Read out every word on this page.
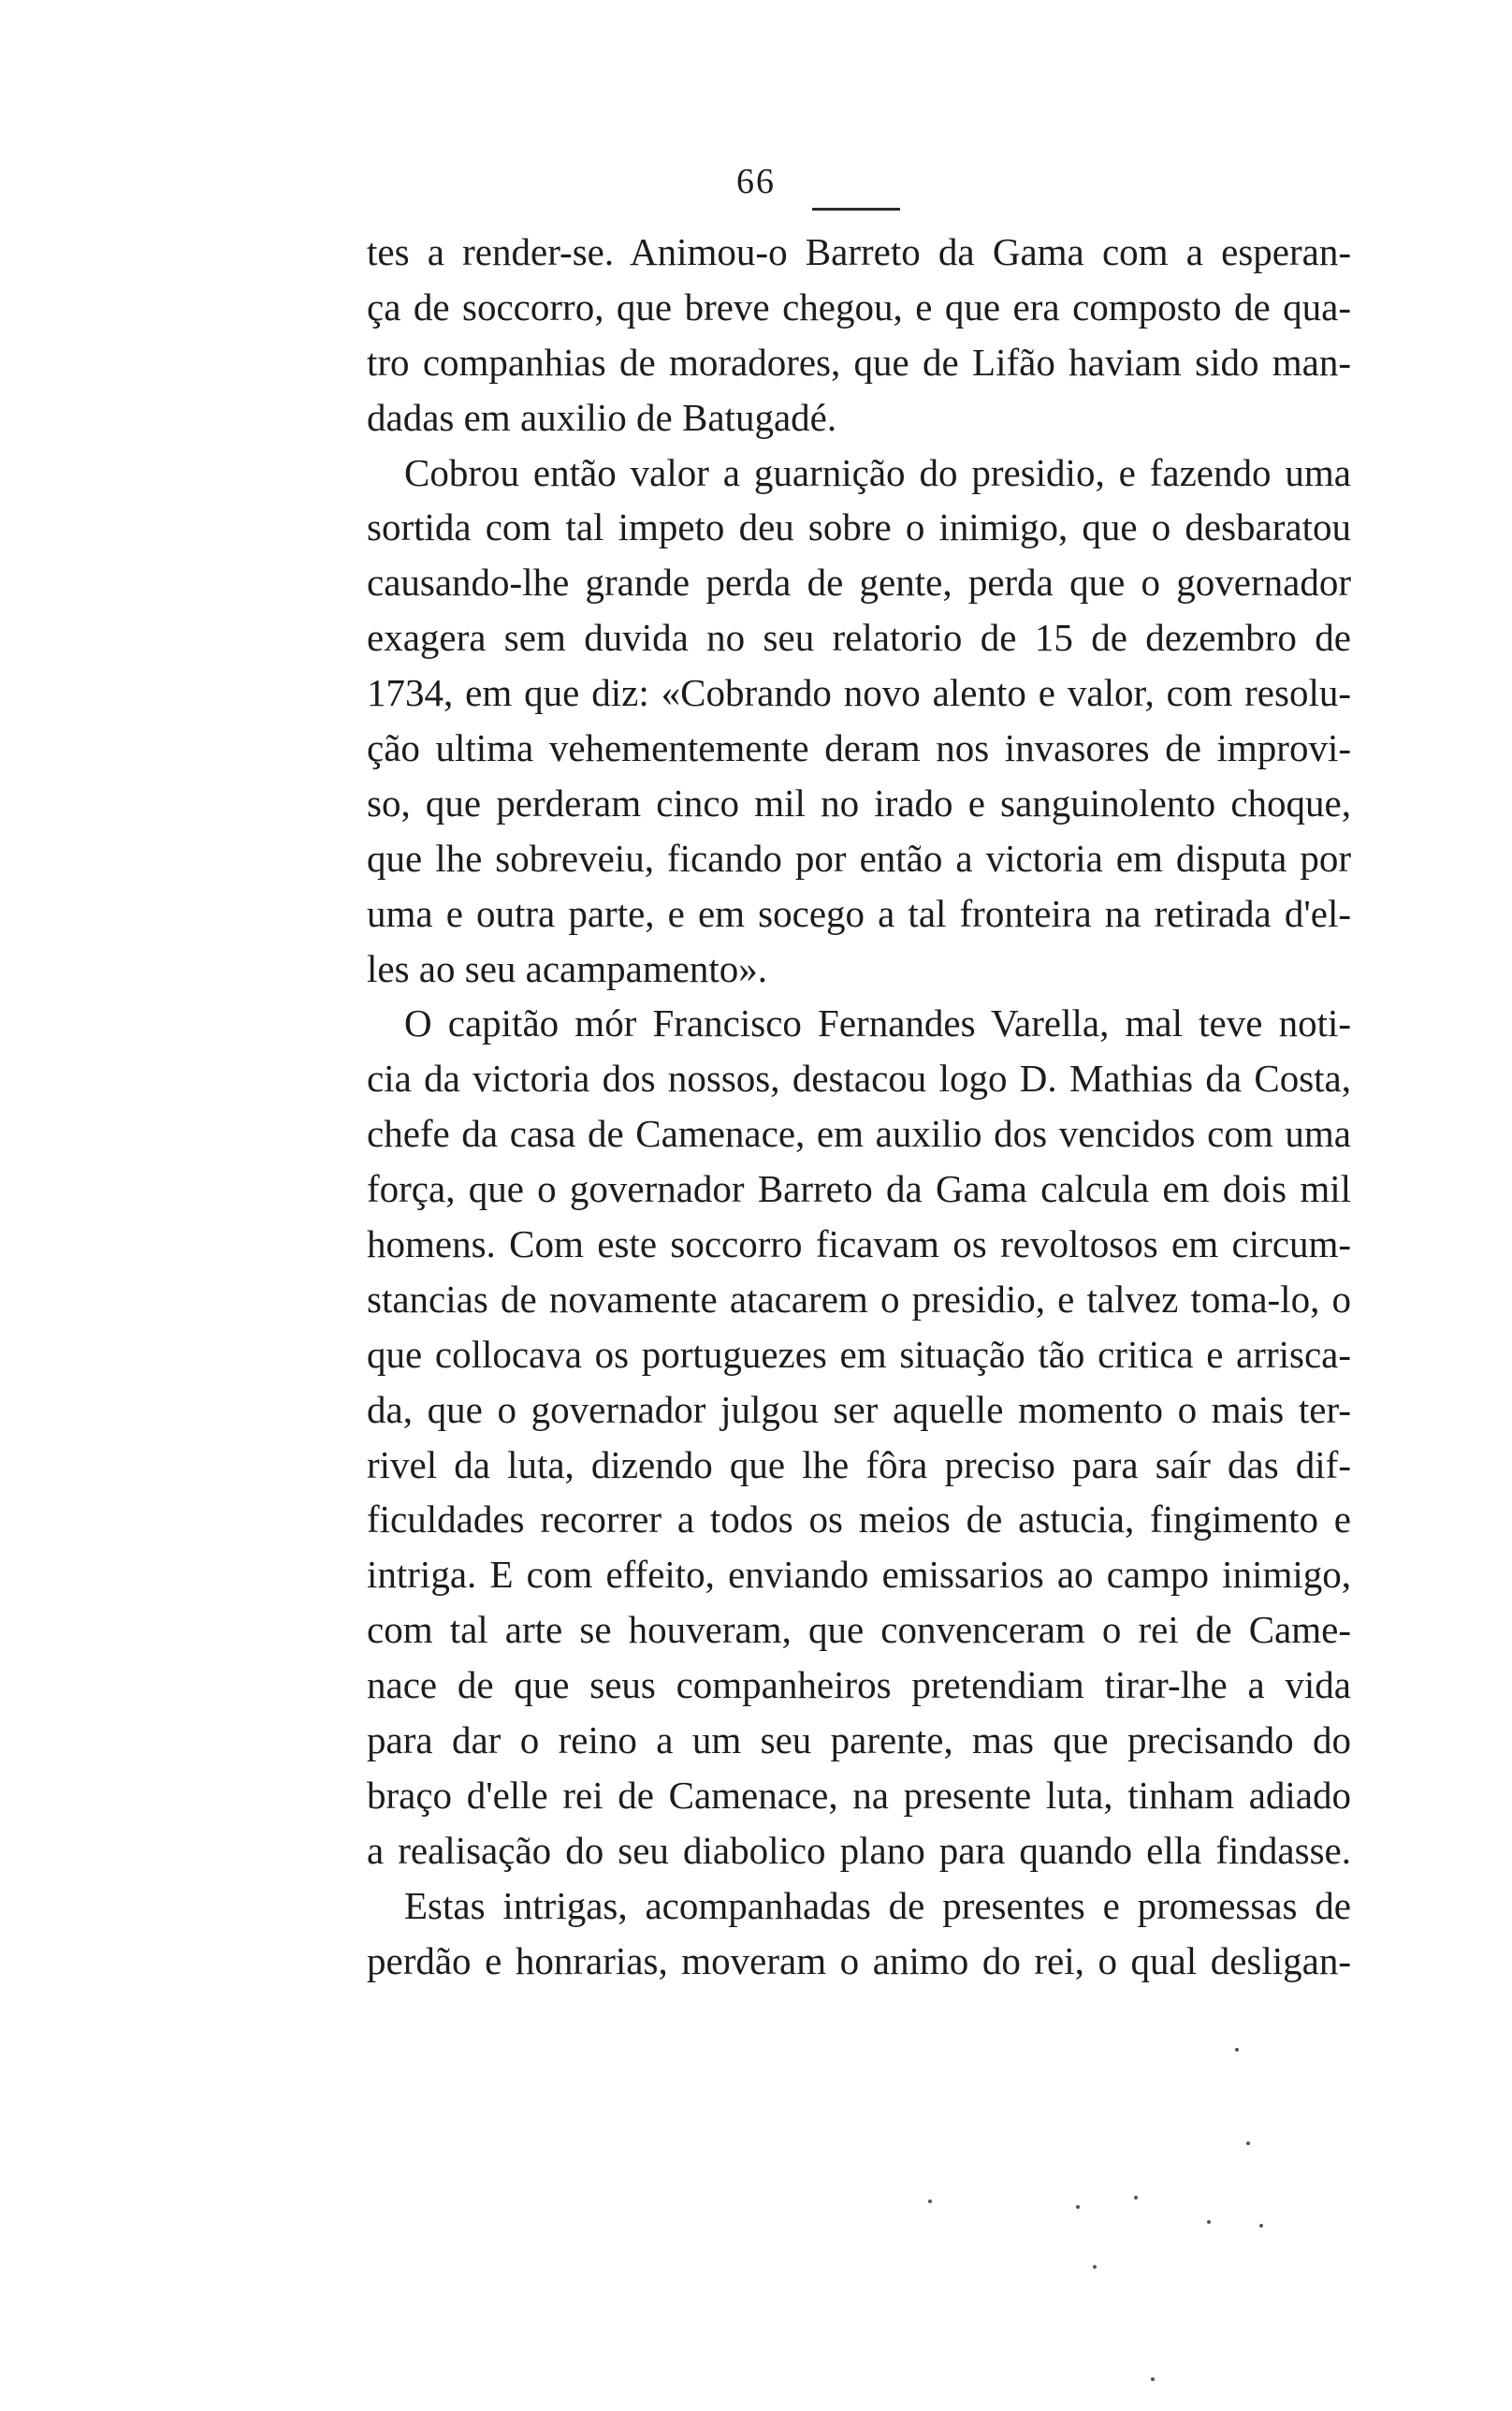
66
tes a render-se. Animou-o Barreto da Gama com a esperan-
ça de soccorro, que breve chegou, e que era composto de qua-
tro companhias de moradores, que de Lifão haviam sido man-
dadas em auxilio de Batugadé.
Cobrou então valor a guarnição do presidio, e fazendo uma
sortida com tal impeto deu sobre o inimigo, que o desbaratou
causando-lhe grande perda de gente, perda que o governador
exagera sem duvida no seu relatorio de 15 de dezembro de
1734, em que diz: «Cobrando novo alento e valor, com resolu-
ção ultima vehementemente deram nos invasores de improvi-
so, que perderam cinco mil no irado e sanguinolento choque,
que lhe sobreveiu, ficando por então a victoria em disputa por
uma e outra parte, e em socego a tal fronteira na retirada d'el-
les ao seu acampamento».
O capitão mór Francisco Fernandes Varella, mal teve noti-
cia da victoria dos nossos, destacou logo D. Mathias da Costa,
chefe da casa de Camenace, em auxilio dos vencidos com uma
força, que o governador Barreto da Gama calcula em dois mil
homens. Com este soccorro ficavam os revoltosos em circum-
stancias de novamente atacarem o presidio, e talvez toma-lo, o
que collocava os portuguezes em situação tão critica e arrisca-
da, que o governador julgou ser aquelle momento o mais ter-
rivel da luta, dizendo que lhe fôra preciso para saír das dif-
ficuldades recorrer a todos os meios de astucia, fingimento e
intriga. E com effeito, enviando emissarios ao campo inimigo,
com tal arte se houveram, que convenceram o rei de Came-
nace de que seus companheiros pretendiam tirar-lhe a vida
para dar o reino a um seu parente, mas que precisando do
braço d'elle rei de Camenace, na presente luta, tinham adiado
a realisação do seu diabolico plano para quando ella findasse.
Estas intrigas, acompanhadas de presentes e promessas de
perdão e honrarias, moveram o animo do rei, o qual desligan-
